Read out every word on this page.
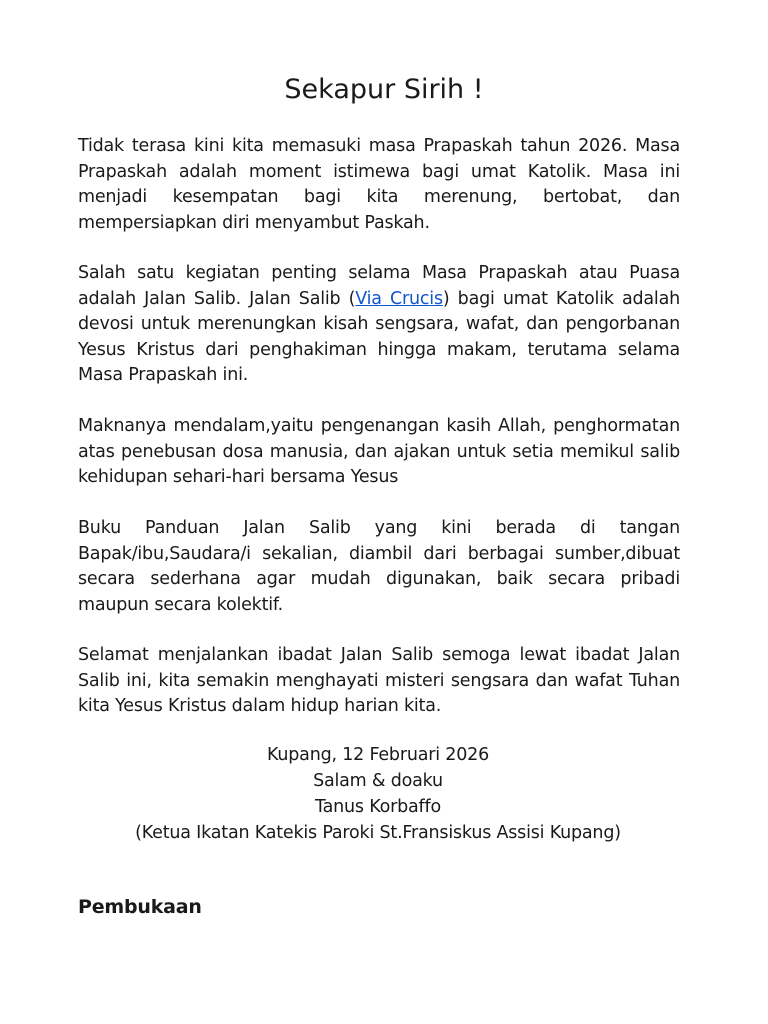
Sekapur Sirih !

Tidak terasa kini kita memasuki masa Prapaskah tahun 2026. Masa Prapaskah adalah moment istimewa bagi umat Katolik. Masa ini menjadi kesempatan bagi kita merenung, bertobat, dan mempersiapkan diri menyambut Paskah.

Salah satu kegiatan penting selama Masa Prapaskah atau Puasa adalah Jalan Salib. Jalan Salib (Via Crucis) bagi umat Katolik adalah devosi untuk merenungkan kisah sengsara, wafat, dan pengorbanan Yesus Kristus dari penghakiman hingga makam, terutama selama Masa Prapaskah ini.

Maknanya mendalam,yaitu pengenangan kasih Allah, penghormatan atas penebusan dosa manusia, dan ajakan untuk setia memikul salib kehidupan sehari-hari bersama Yesus

Buku Panduan Jalan Salib yang kini berada di tangan Bapak/ibu,Saudara/i sekalian, diambil dari berbagai sumber,dibuat secara sederhana agar mudah digunakan, baik secara pribadi maupun secara kolektif.

Selamat menjalankan ibadat Jalan Salib semoga lewat ibadat Jalan Salib ini, kita semakin menghayati misteri sengsara dan wafat Tuhan kita Yesus Kristus dalam hidup harian kita.

Kupang, 12 Februari 2026
Salam & doaku
Tanus Korbaffo
(Ketua Ikatan Katekis Paroki St.Fransiskus Assisi Kupang)
Pembukaan
